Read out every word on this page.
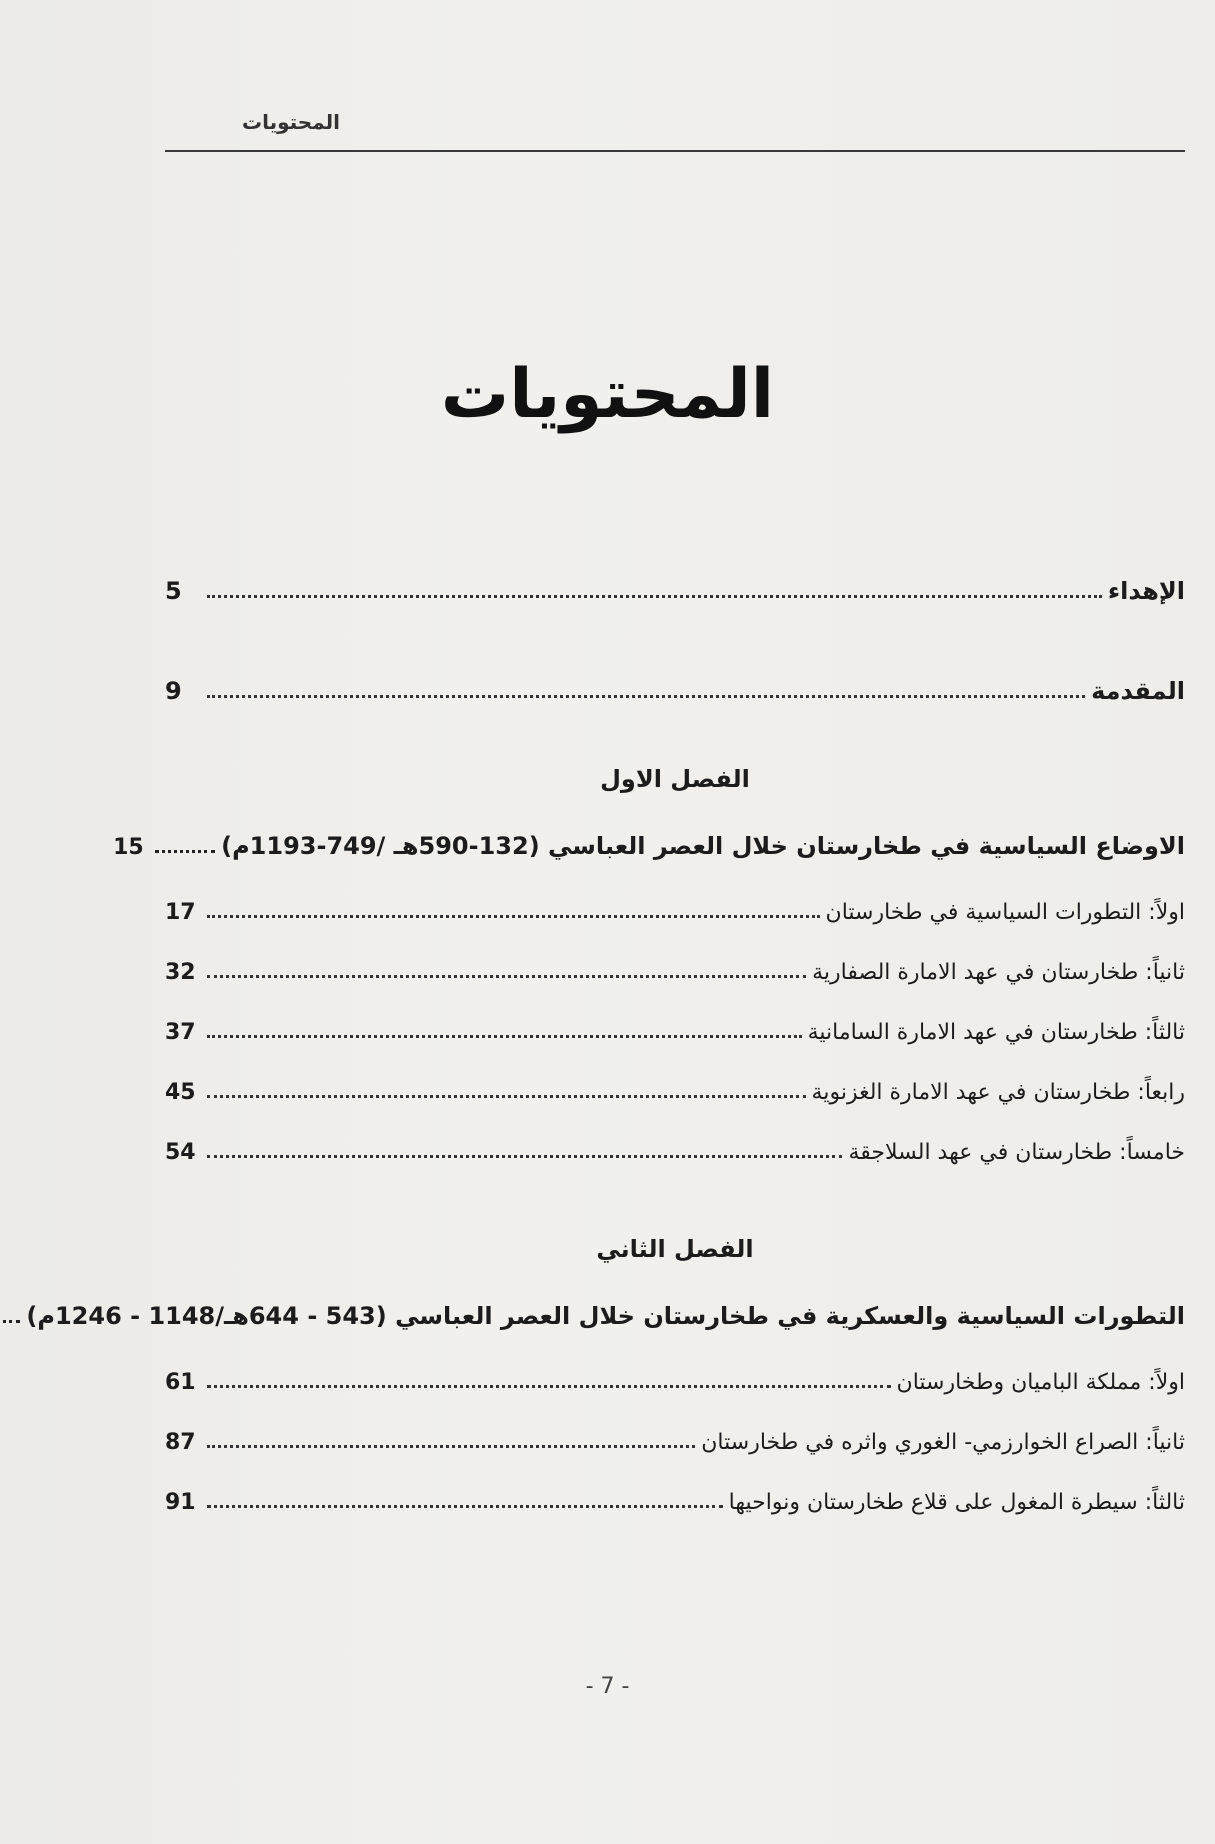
المحتويات
المحتويات
الإهداء
5
المقدمة
9
الفصل الاول
الاوضاع السياسية في طخارستان خلال العصر العباسي (132-590هـ /749-1193م)
15
اولاً: التطورات السياسية في طخارستان
17
ثانياً: طخارستان في عهد الامارة الصفارية
32
ثالثاً: طخارستان في عهد الامارة السامانية
37
رابعاً: طخارستان في عهد الامارة الغزنوية
45
خامساً: طخارستان في عهد السلاجقة
54
الفصل الثاني
التطورات السياسية والعسكرية في طخارستان خلال العصر العباسي (543 - 644هـ/1148 - 1246م)
اولاً: مملكة الباميان وطخارستان
61
ثانياً: الصراع الخوارزمي- الغوري واثره في طخارستان
87
ثالثاً: سيطرة المغول على قلاع طخارستان ونواحيها
91
- 7 -
